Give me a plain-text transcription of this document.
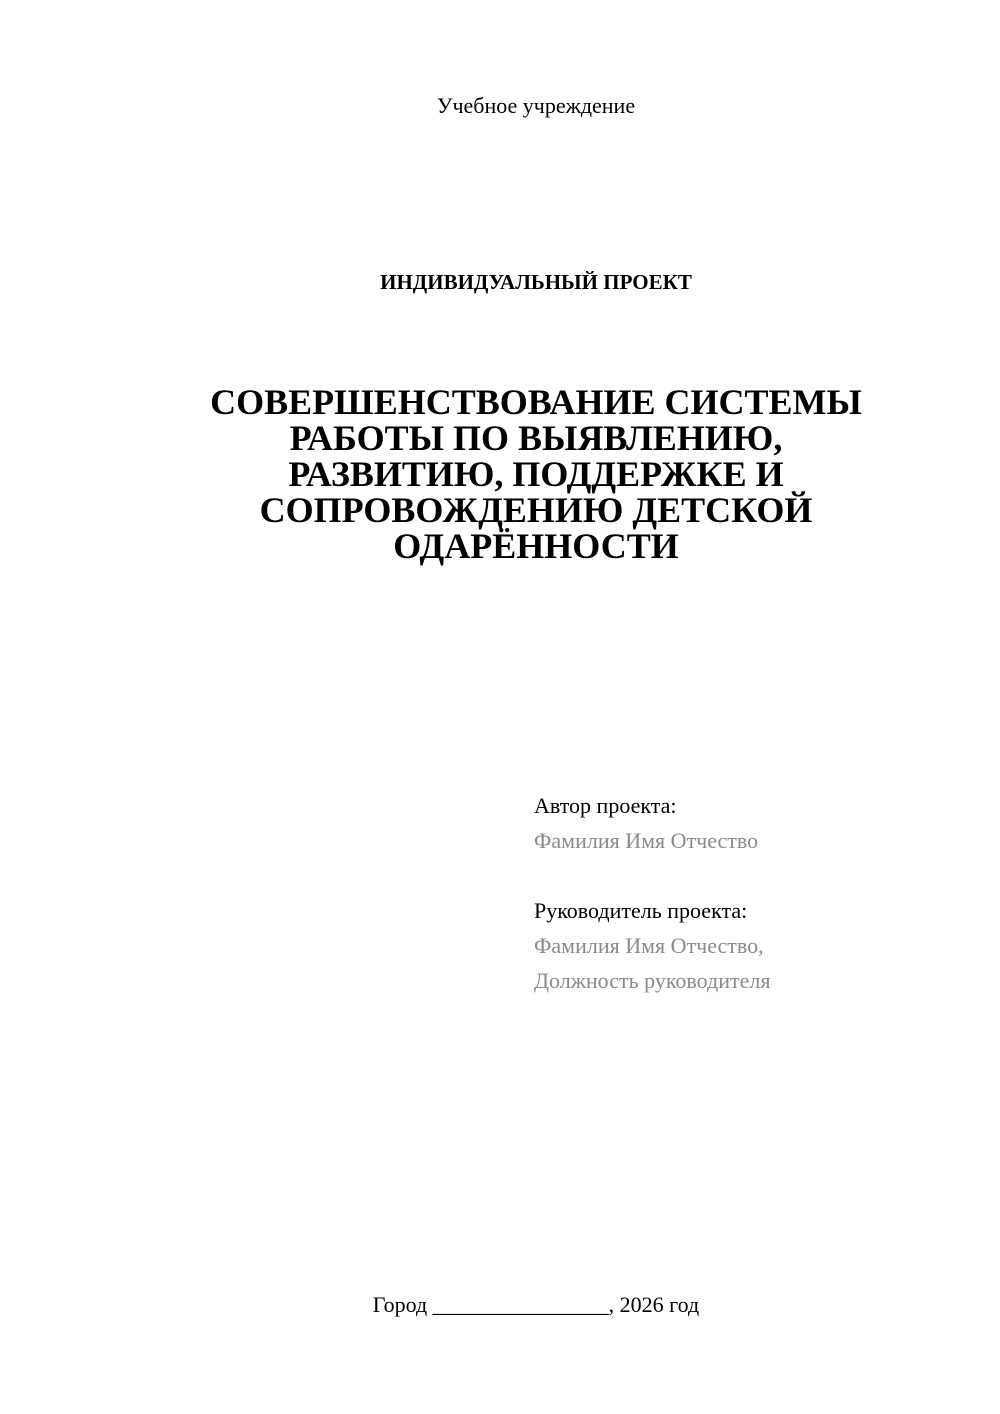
Учебное учреждение
ИНДИВИДУАЛЬНЫЙ ПРОЕКТ
СОВЕРШЕНСТВОВАНИЕ СИСТЕМЫ
РАБОТЫ ПО ВЫЯВЛЕНИЮ,
РАЗВИТИЮ, ПОДДЕРЖКЕ И
СОПРОВОЖДЕНИЮ ДЕТСКОЙ
ОДАРЁННОСТИ
Автор проекта:
Фамилия Имя Отчество
Руководитель проекта:
Фамилия Имя Отчество,
Должность руководителя
Город ________________, 2026 год
